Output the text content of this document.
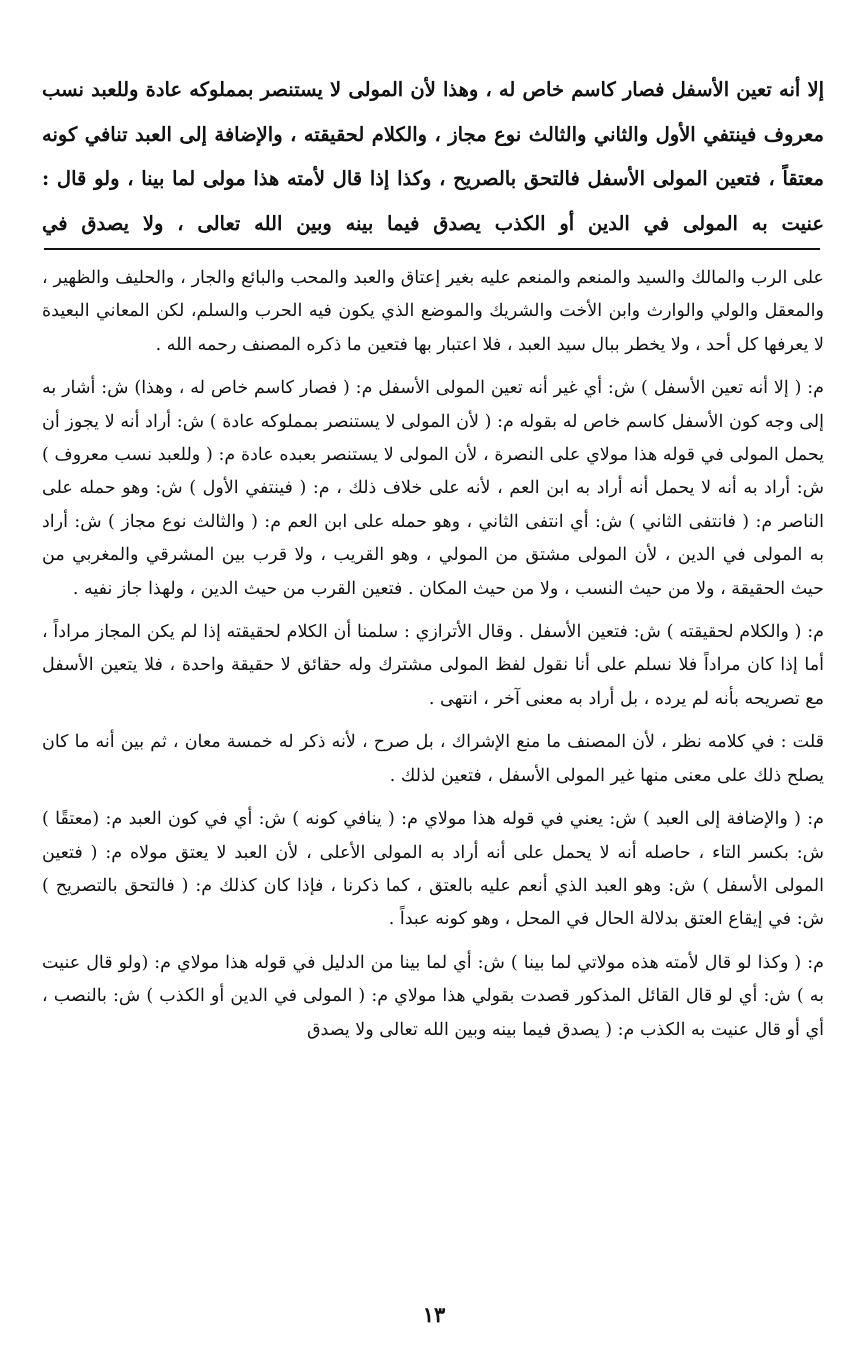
إلا أنه تعين الأسفل فصار كاسم خاص له ، وهذا لأن المولى لا يستنصر بمملوكه عادة وللعبد نسب معروف فينتفي الأول والثاني والثالث نوع مجاز ، والكلام لحقيقته ، والإضافة إلى العبد تنافي كونه معتقاً ، فتعين المولى الأسفل فالتحق بالصريح ، وكذا إذا قال لأمته هذا مولى لما بينا ، ولو قال : عنيت به المولى في الدين أو الكذب يصدق فيما بينه وبين الله تعالى ، ولا يصدق في

على الرب والمالك والسيد والمنعم والمنعم عليه بغير إعتاق والعبد والمحب والبائع والجار ، والحليف والظهير ، والمعقل والولي والوارث وابن الأخت والشريك والموضع الذي يكون فيه الحرب والسلم، لكن المعاني البعيدة لا يعرفها كل أحد ، ولا يخطر ببال سيد العبد ، فلا اعتبار بها فتعين ما ذكره المصنف رحمه الله .

م: ( إلا أنه تعين الأسفل ) ش: أي غير أنه تعين المولى الأسفل م: ( فصار كاسم خاص له ، وهذا) ش: أشار به إلى وجه كون الأسفل كاسم خاص له بقوله م: ( لأن المولى لا يستنصر بمملوكه عادة ) ش: أراد أنه لا يجوز أن يحمل المولى في قوله هذا مولاي على النصرة ، لأن المولى لا يستنصر بعبده عادة م: ( وللعبد نسب معروف ) ش: أراد به أنه لا يحمل أنه أراد به ابن العم ، لأنه على خلاف ذلك ، م: ( فينتفي الأول ) ش: وهو حمله على الناصر م: ( فانتفى الثاني ) ش: أي انتفى الثاني ، وهو حمله على ابن العم م: ( والثالث نوع مجاز ) ش: أراد به المولى في الدين ، لأن المولى مشتق من المولي ، وهو القريب ، ولا قرب بين المشرقي والمغربي من حيث الحقيقة ، ولا من حيث النسب ، ولا من حيث المكان . فتعين القرب من حيث الدين ، ولهذا جاز نفيه .

م: ( والكلام لحقيقته ) ش: فتعين الأسفل . وقال الأترازي : سلمنا أن الكلام لحقيقته إذا لم يكن المجاز مراداً ، أما إذا كان مراداً فلا نسلم على أنا نقول لفظ المولى مشترك وله حقائق لا حقيقة واحدة ، فلا يتعين الأسفل مع تصريحه بأنه لم يرده ، بل أراد به معنى آخر ، انتهى .

قلت : في كلامه نظر ، لأن المصنف ما منع الإشراك ، بل صرح ، لأنه ذكر له خمسة معان ، ثم بين أنه ما كان يصلح ذلك على معنى منها غير المولى الأسفل ، فتعين لذلك .

م: ( والإضافة إلى العبد ) ش: يعني في قوله هذا مولاي م: ( ينافي كونه ) ش: أي في كون العبد م: (معتقًا ) ش: بكسر التاء ، حاصله أنه لا يحمل على أنه أراد به المولى الأعلى ، لأن العبد لا يعتق مولاه م: ( فتعين المولى الأسفل ) ش: وهو العبد الذي أنعم عليه بالعتق ، كما ذكرنا ، فإذا كان كذلك م: ( فالتحق بالتصريح ) ش: في إيقاع العتق بدلالة الحال في المحل ، وهو كونه عبداً .

م: ( وكذا لو قال لأمته هذه مولاتي لما بينا ) ش: أي لما بينا من الدليل في قوله هذا مولاي م: (ولو قال عنيت به ) ش: أي لو قال القائل المذكور قصدت بقولي هذا مولاي م: ( المولى في الدين أو الكذب ) ش: بالنصب ، أي أو قال عنيت به الكذب م: ( يصدق فيما بينه وبين الله تعالى ولا يصدق

١٣
